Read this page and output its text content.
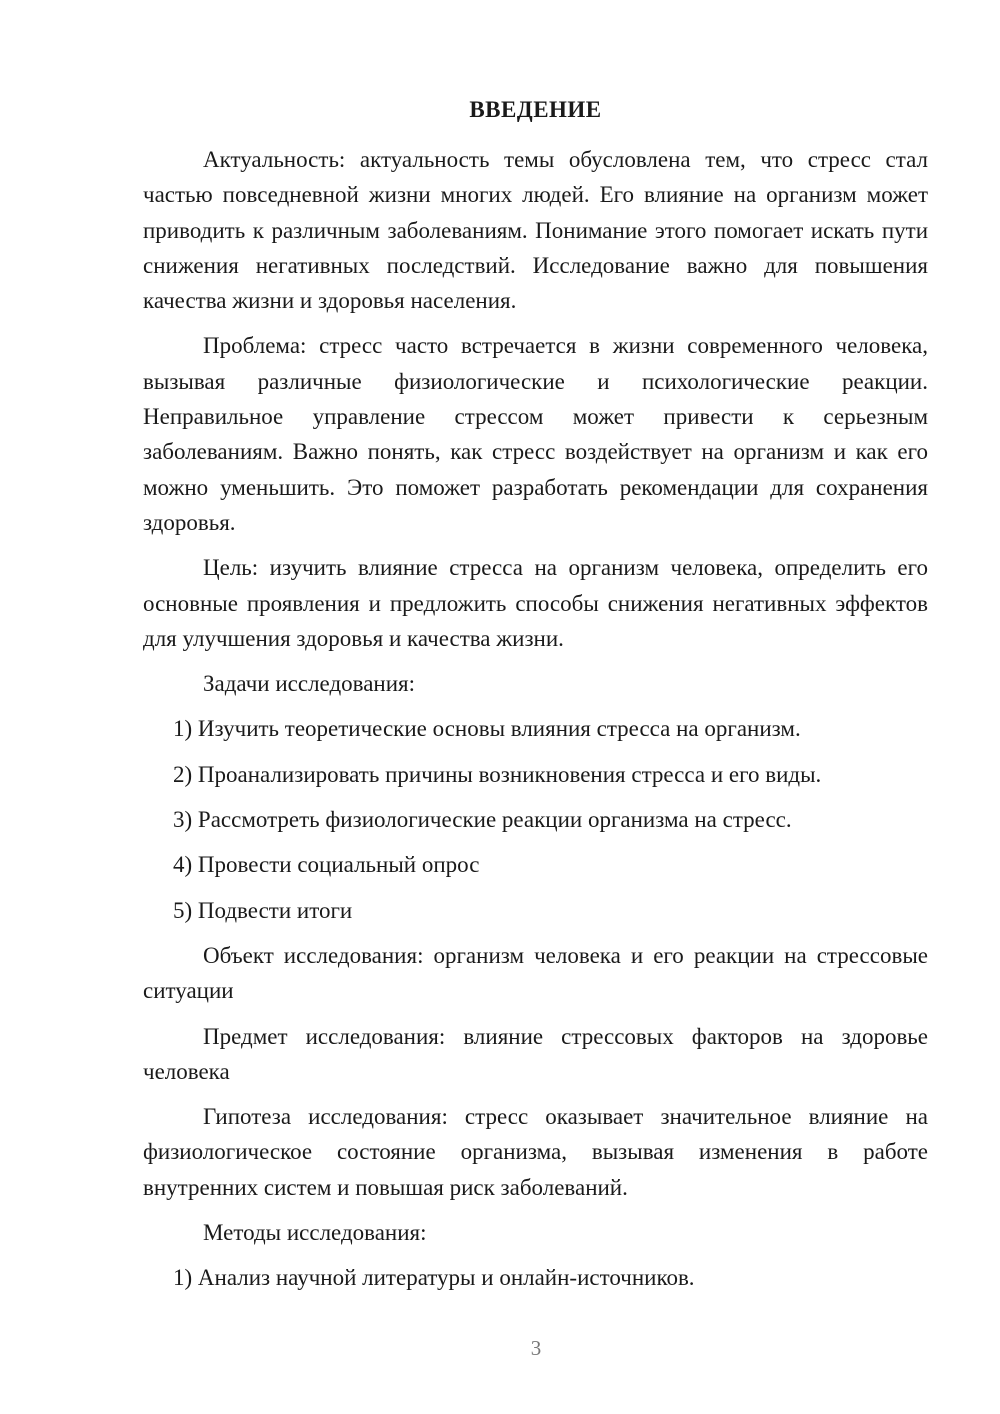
ВВЕДЕНИЕ

Актуальность: актуальность темы обусловлена тем, что стресс стал частью повседневной жизни многих людей. Его влияние на организм может приводить к различным заболеваниям. Понимание этого помогает искать пути снижения негативных последствий. Исследование важно для повышения качества жизни и здоровья населения.

Проблема: стресс часто встречается в жизни современного человека, вызывая различные физиологические и психологические реакции. Неправильное управление стрессом может привести к серьезным заболеваниям. Важно понять, как стресс воздействует на организм и как его можно уменьшить. Это поможет разработать рекомендации для сохранения здоровья.

Цель: изучить влияние стресса на организм человека, определить его основные проявления и предложить способы снижения негативных эффектов для улучшения здоровья и качества жизни.

Задачи исследования:

1) Изучить теоретические основы влияния стресса на организм.

2) Проанализировать причины возникновения стресса и его виды.

3) Рассмотреть физиологические реакции организма на стресс.

4) Провести социальный опрос

5) Подвести итоги

Объект исследования: организм человека и его реакции на стрессовые ситуации

Предмет исследования: влияние стрессовых факторов на здоровье человека

Гипотеза исследования: стресс оказывает значительное влияние на физиологическое состояние организма, вызывая изменения в работе внутренних систем и повышая риск заболеваний.

Методы исследования:

1) Анализ научной литературы и онлайн-источников.

3
